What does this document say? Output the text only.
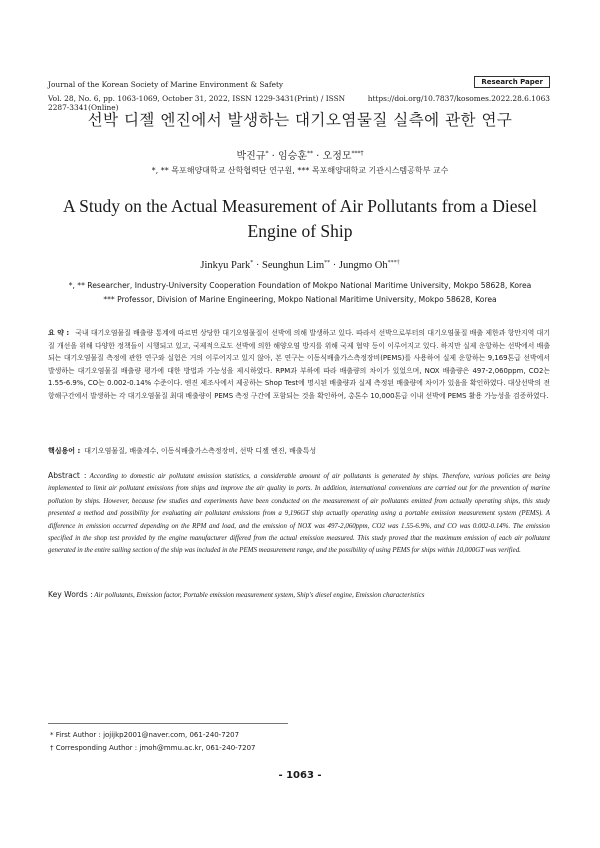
Journal of the Korean Society of Marine Environment & Safety	Research Paper
Vol. 28, No. 6, pp. 1063-1069, October 31, 2022, ISSN 1229-3431(Print) / ISSN 2287-3341(Online)
https://doi.org/10.7837/kosomes.2022.28.6.1063
선박 디젤 엔진에서 발생하는 대기오염물질 실측에 관한 연구
박진규* · 임승훈** · 오정모***†
*, ** 목포해양대학교 산학협력단 연구원, *** 목포해양대학교 기관시스템공학부 교수
A Study on the Actual Measurement of Air Pollutants from a Diesel Engine of Ship
Jinkyu Park* · Seunghun Lim** · Jungmo Oh***†
*, ** Researcher, Industry-University Cooperation Foundation of Mokpo National Maritime University, Mokpo 58628, Korea
*** Professor, Division of Marine Engineering, Mokpo National Maritime University, Mokpo 58628, Korea
요 약 : 국내 대기오염물질 배출량 통계에 따르면 상당한 대기오염물질이 선박에 의해 발생하고 있다. 따라서 선박으로부터의 대기오염물질 배출 제한과 항만지역 대기질 개선을 위해 다양한 정책들이 시행되고 있고, 국제적으로도 선박에 의한 해양오염 방지를 위해 국제 협약 등이 이루어지고 있다. 하지만 실제 운항하는 선박에서 배출되는 대기오염물질 측정에 관한 연구와 실험은 거의 이루어지고 있지 않아, 본 연구는 이동식배출가스측정장비(PEMS)를 사용하여 실제 운항하는 9,169톤급 선박에서 발생하는 대기오염물질 배출량 평가에 대한 방법과 가능성을 제시하였다. RPM과 부하에 따라 배출량의 차이가 있었으며, NOX 배출량은 497-2,060ppm, CO2는 1.55-6.9%, CO는 0.002-0.14% 수준이다. 엔진 제조사에서 제공하는 Shop Test에 명시된 배출량과 실제 측정된 배출량에 차이가 있음을 확인하였다. 대상선박의 전 항해구간에서 발생하는 각 대기오염물질 최대 배출량이 PEMS 측정 구간에 포함되는 것을 확인하여, 총톤수 10,000톤급 이내 선박에 PEMS 활용 가능성을 검증하였다.
핵심용어 : 대기오염물질, 배출계수, 이동식배출가스측정장비, 선박 디젤 엔진, 배출특성
Abstract : According to domestic air pollutant emission statistics, a considerable amount of air pollutants is generated by ships. Therefore, various policies are being implemented to limit air pollutant emissions from ships and improve the air quality in ports. In addition, international conventions are carried out for the prevention of marine pollution by ships. However, because few studies and experiments have been conducted on the measurement of air pollutants emitted from actually operating ships, this study presented a method and possibility for evaluating air pollutant emissions from a 9,196GT ship actually operating using a portable emission measurement system (PEMS). A difference in emission occurred depending on the RPM and load, and the emission of NOX was 497-2,060ppm, CO2 was 1.55-6.9%, and CO was 0.002-0.14%. The emission specified in the shop test provided by the engine manufacturer differed from the actual emission measured. This study proved that the maximum emission of each air pollutant generated in the entire sailing section of the ship was included in the PEMS measurement range, and the possibility of using PEMS for ships within 10,000GT was verified.
Key Words : Air pollutants, Emission factor, Portable emission measurement system, Ship's diesel engine, Emission characteristics
* First Author : jojijkp2001@naver.com, 061-240-7207
† Corresponding Author : jmoh@mmu.ac.kr, 061-240-7207
- 1063 -
